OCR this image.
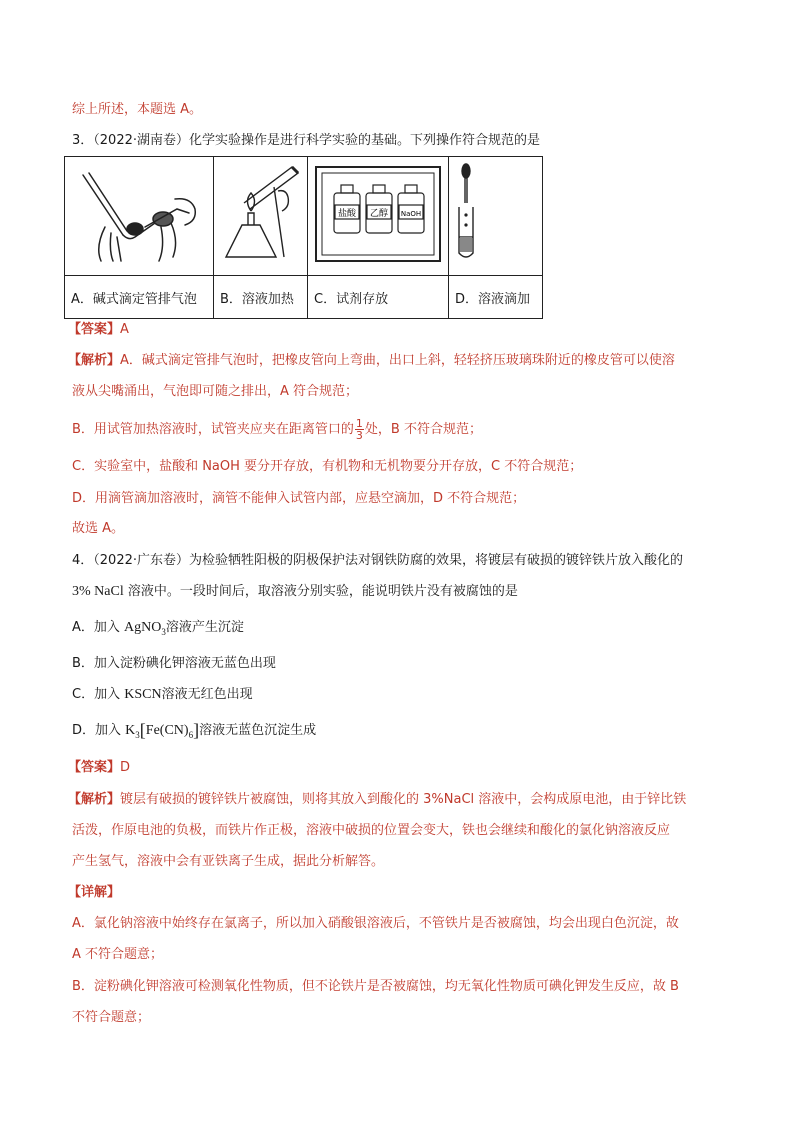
综上所述，本题选 A。
3．（2022·湖南卷）化学实验操作是进行科学实验的基础。下列操作符合规范的是

盐酸 乙醇 NaOH

A．碱式滴定管排气泡	B．溶液加热	C．试剂存放	D．溶液滴加
【答案】A
【解析】A．碱式滴定管排气泡时，把橡皮管向上弯曲，出口上斜，轻轻挤压玻璃珠附近的橡皮管可以使溶
液从尖嘴涌出，气泡即可随之排出，A 符合规范；
B．用试管加热溶液时，试管夹应夹在距离管口的 $\frac{1}{3}$ 处，B 不符合规范；
C．实验室中，盐酸和 NaOH 要分开存放，有机物和无机物要分开存放，C 不符合规范；
D．用滴管滴加溶液时，滴管不能伸入试管内部，应悬空滴加，D 不符合规范；
故选 A。
4．（2022·广东卷）为检验牺牲阳极的阴极保护法对钢铁防腐的效果，将镀层有破损的镀锌铁片放入酸化的
3% NaCl 溶液中。一段时间后，取溶液分别实验，能说明铁片没有被腐蚀的是
A．加入 AgNO$_3$溶液产生沉淀
B．加入淀粉碘化钾溶液无蓝色出现
C．加入 KSCN溶液无红色出现
D．加入 $K_3[Fe(CN)_6]$溶液无蓝色沉淀生成
【答案】D
【解析】镀层有破损的镀锌铁片被腐蚀，则将其放入到酸化的 3%NaCl 溶液中，会构成原电池，由于锌比铁
活泼，作原电池的负极，而铁片作正极，溶液中破损的位置会变大，铁也会继续和酸化的氯化钠溶液反应
产生氢气，溶液中会有亚铁离子生成，据此分析解答。
【详解】
A．氯化钠溶液中始终存在氯离子，所以加入硝酸银溶液后，不管铁片是否被腐蚀，均会出现白色沉淀，故
A 不符合题意；
B．淀粉碘化钾溶液可检测氧化性物质，但不论铁片是否被腐蚀，均无氧化性物质可碘化钾发生反应，故 B
不符合题意；
